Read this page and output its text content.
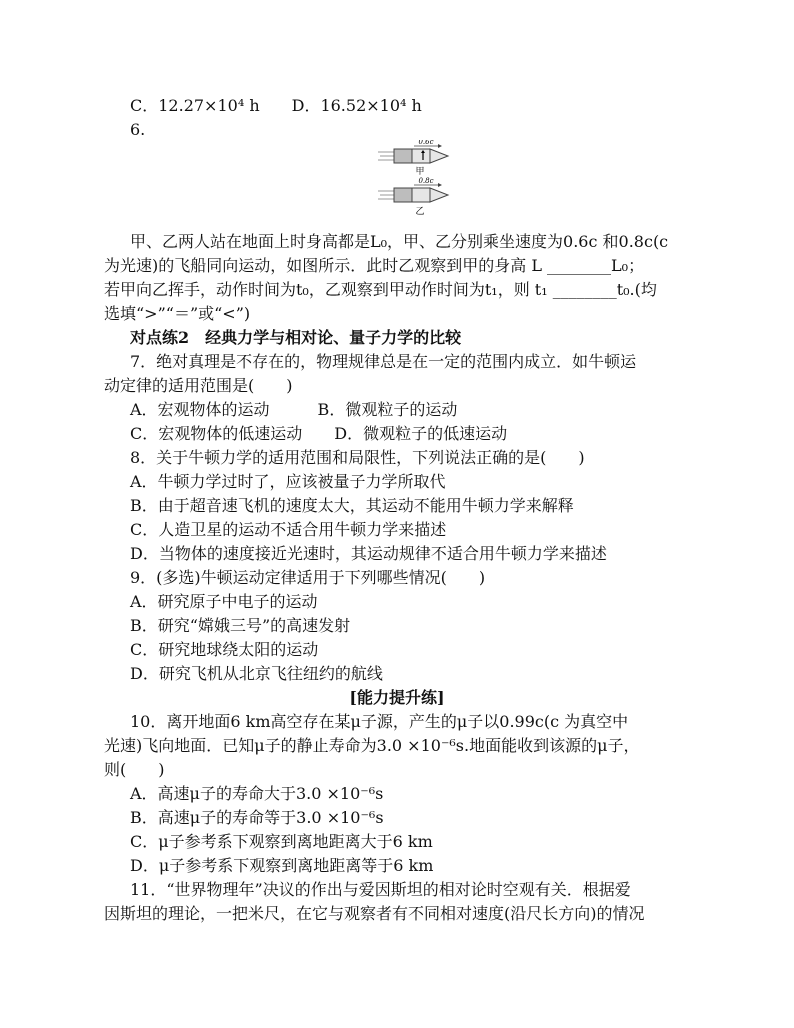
C．12.27×10⁴ h　　D．16.52×10⁴ h
6.
0.6c
甲
0.8c
乙
甲、乙两人站在地面上时身高都是L₀，甲、乙分别乘坐速度为0.6c 和0.8c(c
为光速)的飞船同向运动，如图所示．此时乙观察到甲的身高 L ________L₀；
若甲向乙挥手，动作时间为t₀，乙观察到甲动作时间为t₁，则 t₁ ________t₀.(均
选填“>”“＝”或“<”)
对点练2　经典力学与相对论、量子力学的比较
7．绝对真理是不存在的，物理规律总是在一定的范围内成立．如牛顿运
动定律的适用范围是(　　)
A．宏观物体的运动　　　B．微观粒子的运动
C．宏观物体的低速运动　　D．微观粒子的低速运动
8．关于牛顿力学的适用范围和局限性，下列说法正确的是(　　)
A．牛顿力学过时了，应该被量子力学所取代
B．由于超音速飞机的速度太大，其运动不能用牛顿力学来解释
C．人造卫星的运动不适合用牛顿力学来描述
D．当物体的速度接近光速时，其运动规律不适合用牛顿力学来描述
9．(多选)牛顿运动定律适用于下列哪些情况(　　)
A．研究原子中电子的运动
B．研究“嫦娥三号”的高速发射
C．研究地球绕太阳的运动
D．研究飞机从北京飞往纽约的航线
[能力提升练]
10．离开地面6 km高空存在某μ子源，产生的μ子以0.99c(c 为真空中
光速)飞向地面．已知μ子的静止寿命为3.0 ×10⁻⁶s.地面能收到该源的μ子，
则(　　)
A．高速μ子的寿命大于3.0 ×10⁻⁶s
B．高速μ子的寿命等于3.0 ×10⁻⁶s
C．μ子参考系下观察到离地距离大于6 km
D．μ子参考系下观察到离地距离等于6 km
11．“世界物理年”决议的作出与爱因斯坦的相对论时空观有关．根据爱
因斯坦的理论，一把米尺，在它与观察者有不同相对速度(沿尺长方向)的情况
